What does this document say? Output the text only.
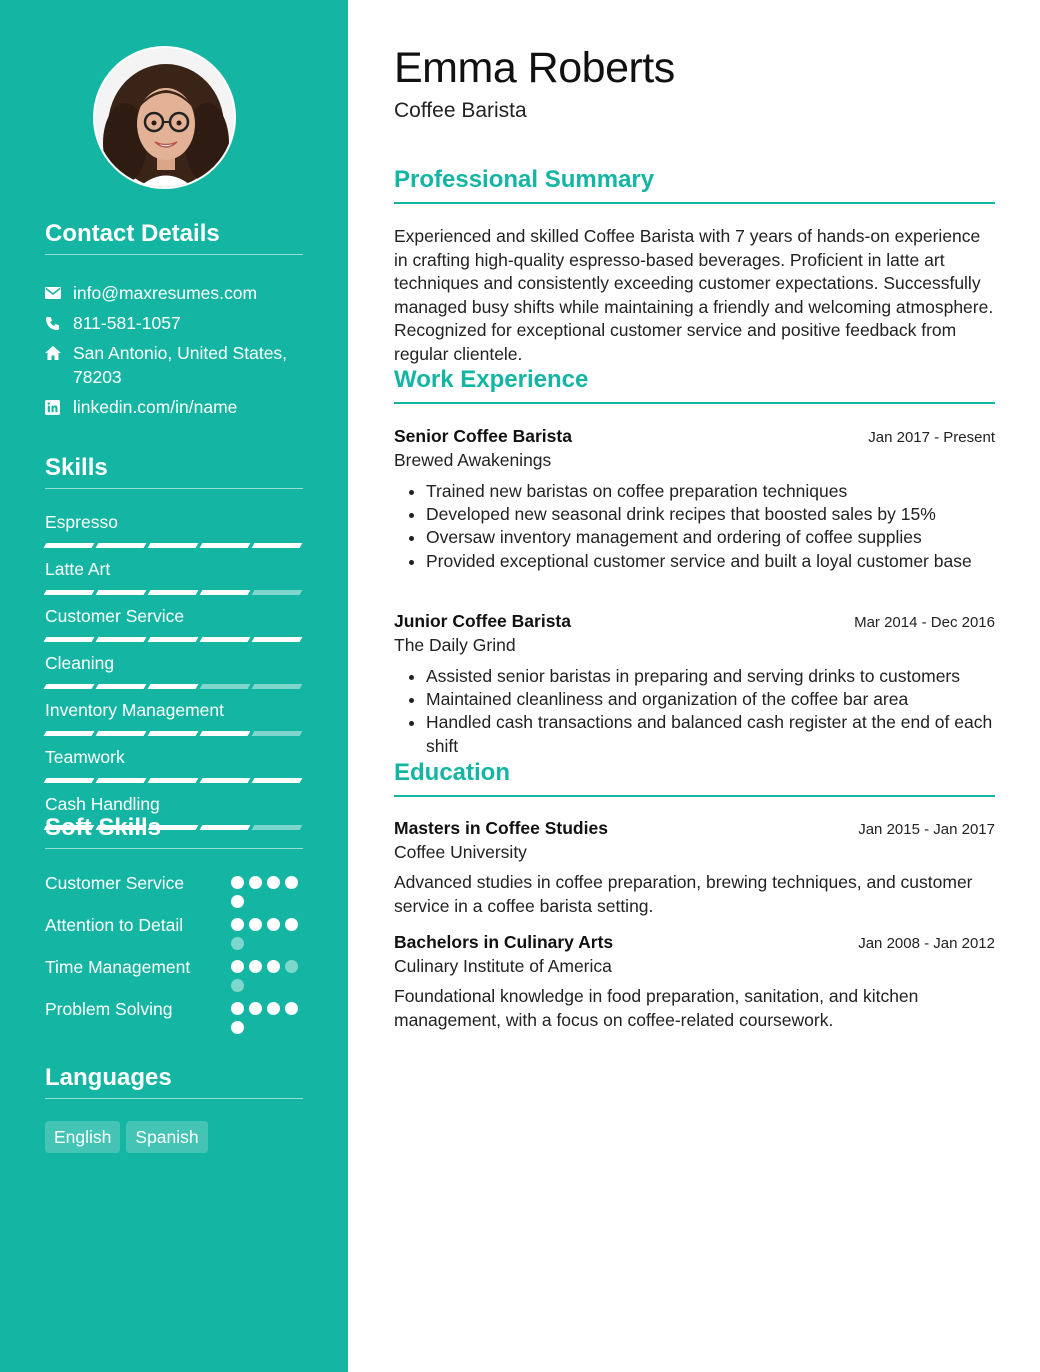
Contact Details
info@maxresumes.com
811-581-1057
San Antonio, United States, 78203
linkedin.com/in/name
Skills
Espresso
Latte Art
Customer Service
Cleaning
Inventory Management
Teamwork
Cash Handling
Soft Skills
Customer Service
Attention to Detail
Time Management
Problem Solving
Languages
English	Spanish
Emma Roberts
Coffee Barista
Professional Summary

Experienced and skilled Coffee Barista with 7 years of hands-on experience in crafting high-quality espresso-based beverages. Proficient in latte art techniques and consistently exceeding customer expectations. Successfully managed busy shifts while maintaining a friendly and welcoming atmosphere. Recognized for exceptional customer service and positive feedback from regular clientele.

Work Experience
Senior Coffee Barista	Jan 2017 - Present
Brewed Awakenings
• Trained new baristas on coffee preparation techniques
• Developed new seasonal drink recipes that boosted sales by 15%
• Oversaw inventory management and ordering of coffee supplies
• Provided exceptional customer service and built a loyal customer base
Junior Coffee Barista	Mar 2014 - Dec 2016
The Daily Grind
• Assisted senior baristas in preparing and serving drinks to customers
• Maintained cleanliness and organization of the coffee bar area
• Handled cash transactions and balanced cash register at the end of each shift
Education
Masters in Coffee Studies	Jan 2015 - Jan 2017
Coffee University

Advanced studies in coffee preparation, brewing techniques, and customer service in a coffee barista setting.

Bachelors in Culinary Arts	Jan 2008 - Jan 2012
Culinary Institute of America

Foundational knowledge in food preparation, sanitation, and kitchen management, with a focus on coffee-related coursework.
